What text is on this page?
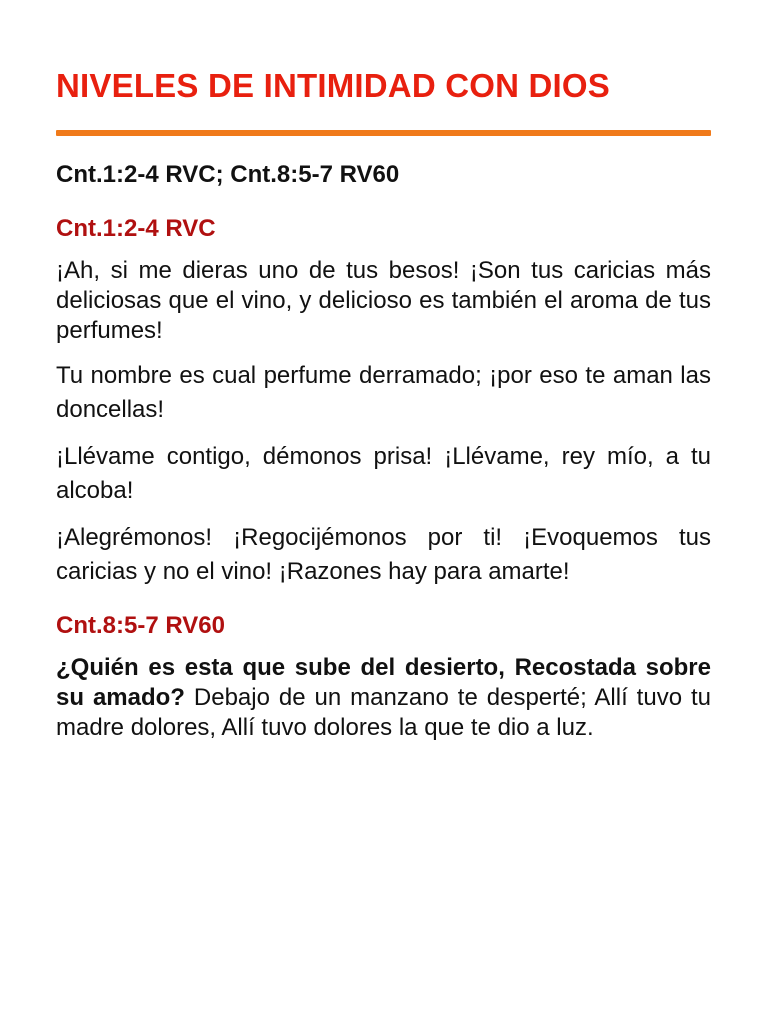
NIVELES DE INTIMIDAD CON DIOS

Cnt.1:2-4 RVC; Cnt.8:5-7 RV60

Cnt.1:2-4 RVC

¡Ah, si me dieras uno de tus besos! ¡Son tus caricias más deliciosas que el vino, y delicioso es también el aroma de tus perfumes!

Tu nombre es cual perfume derramado; ¡por eso te aman las doncellas!

¡Llévame contigo, démonos prisa! ¡Llévame, rey mío, a tu alcoba!

¡Alegrémonos! ¡Regocijémonos por ti! ¡Evoquemos tus caricias y no el vino! ¡Razones hay para amarte!

Cnt.8:5-7 RV60

¿Quién es esta que sube del desierto, Recostada sobre su amado? Debajo de un manzano te desperté; Allí tuvo tu madre dolores, Allí tuvo dolores la que te dio a luz.
